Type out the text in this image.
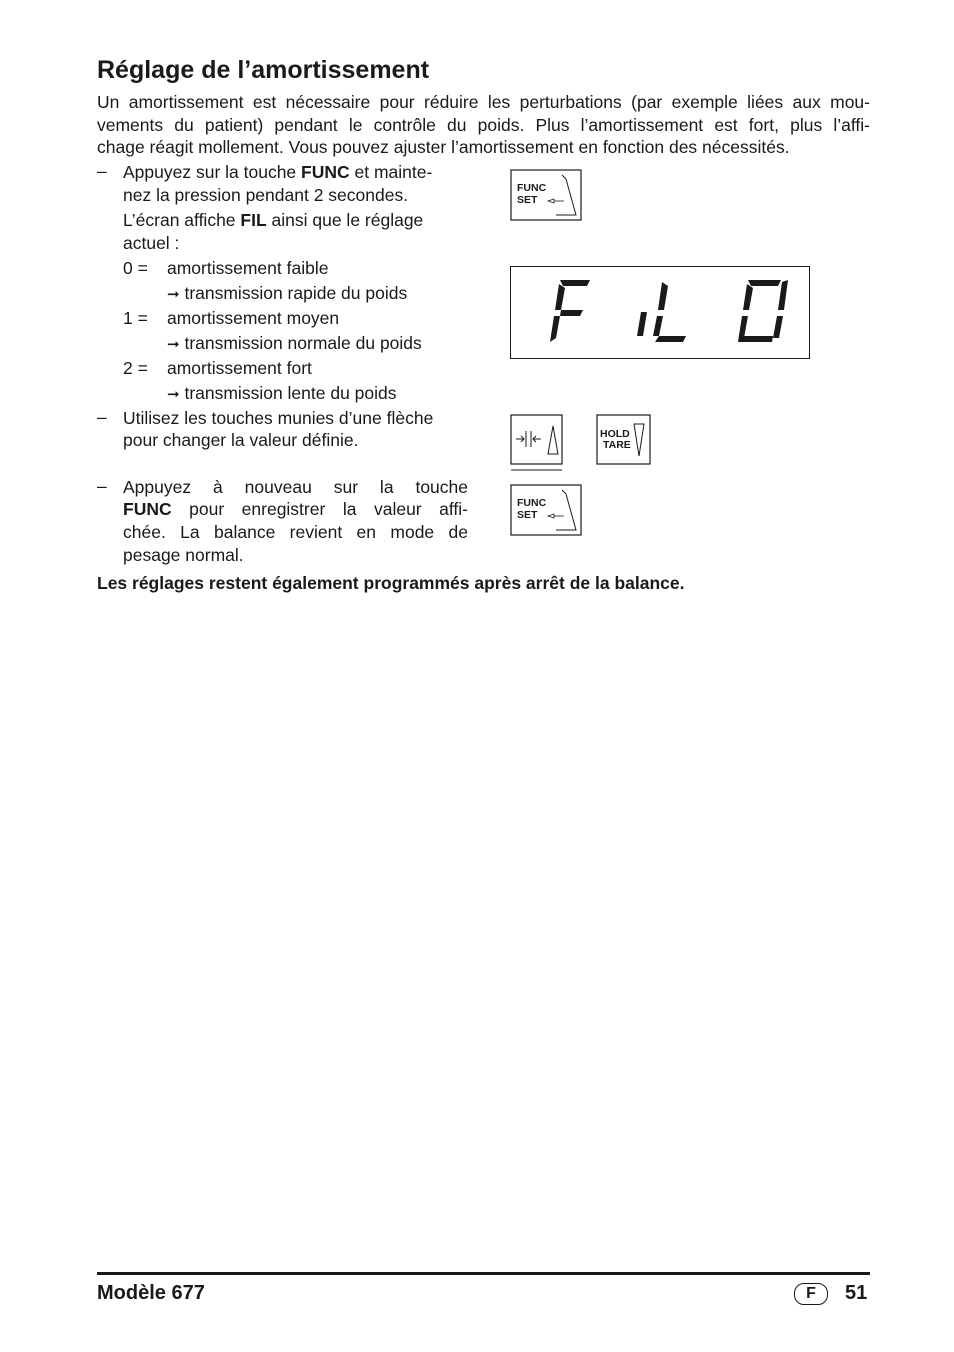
Réglage de l’amortissement
Un amortissement est nécessaire pour réduire les perturbations (par exemple liées aux mou-
vements du patient) pendant le contrôle du poids. Plus l’amortissement est fort, plus l’affi-
chage réagit mollement. Vous pouvez ajuster l’amortissement en fonction des nécessités.
– Appuyez sur la touche FUNC et mainte-
nez la pression pendant 2 secondes.
L’écran affiche FIL ainsi que le réglage
actuel :
0 = amortissement faible
➞ transmission rapide du poids
1 = amortissement moyen
➞ transmission normale du poids
2 = amortissement fort
➞ transmission lente du poids
– Utilisez les touches munies d’une flèche
pour changer la valeur définie.
– Appuyez à nouveau sur la touche
FUNC pour enregistrer la valeur affi-
chée. La balance revient en mode de
pesage normal.
Les réglages restent également programmés après arrêt de la balance.
FUNC
SET
HOLD
TARE
FUNC
SET
Modèle 677	F	51
